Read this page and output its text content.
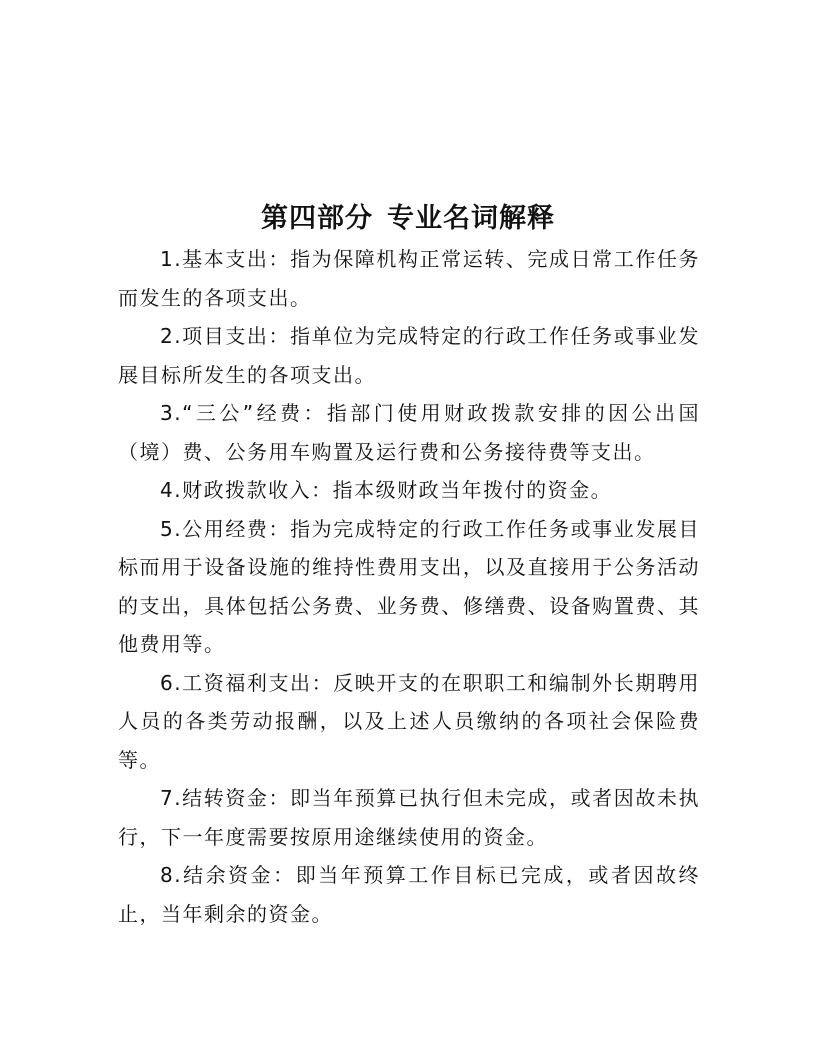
第四部分 专业名词解释

1.基本支出：指为保障机构正常运转、完成日常工作任务而发生的各项支出。

2.项目支出：指单位为完成特定的行政工作任务或事业发展目标所发生的各项支出。

3.“三公”经费：指部门使用财政拨款安排的因公出国（境）费、公务用车购置及运行费和公务接待费等支出。

4.财政拨款收入：指本级财政当年拨付的资金。

5.公用经费：指为完成特定的行政工作任务或事业发展目标而用于设备设施的维持性费用支出，以及直接用于公务活动的支出，具体包括公务费、业务费、修缮费、设备购置费、其他费用等。

6.工资福利支出：反映开支的在职职工和编制外长期聘用人员的各类劳动报酬，以及上述人员缴纳的各项社会保险费等。

7.结转资金：即当年预算已执行但未完成，或者因故未执行，下一年度需要按原用途继续使用的资金。

8.结余资金：即当年预算工作目标已完成，或者因故终止，当年剩余的资金。
